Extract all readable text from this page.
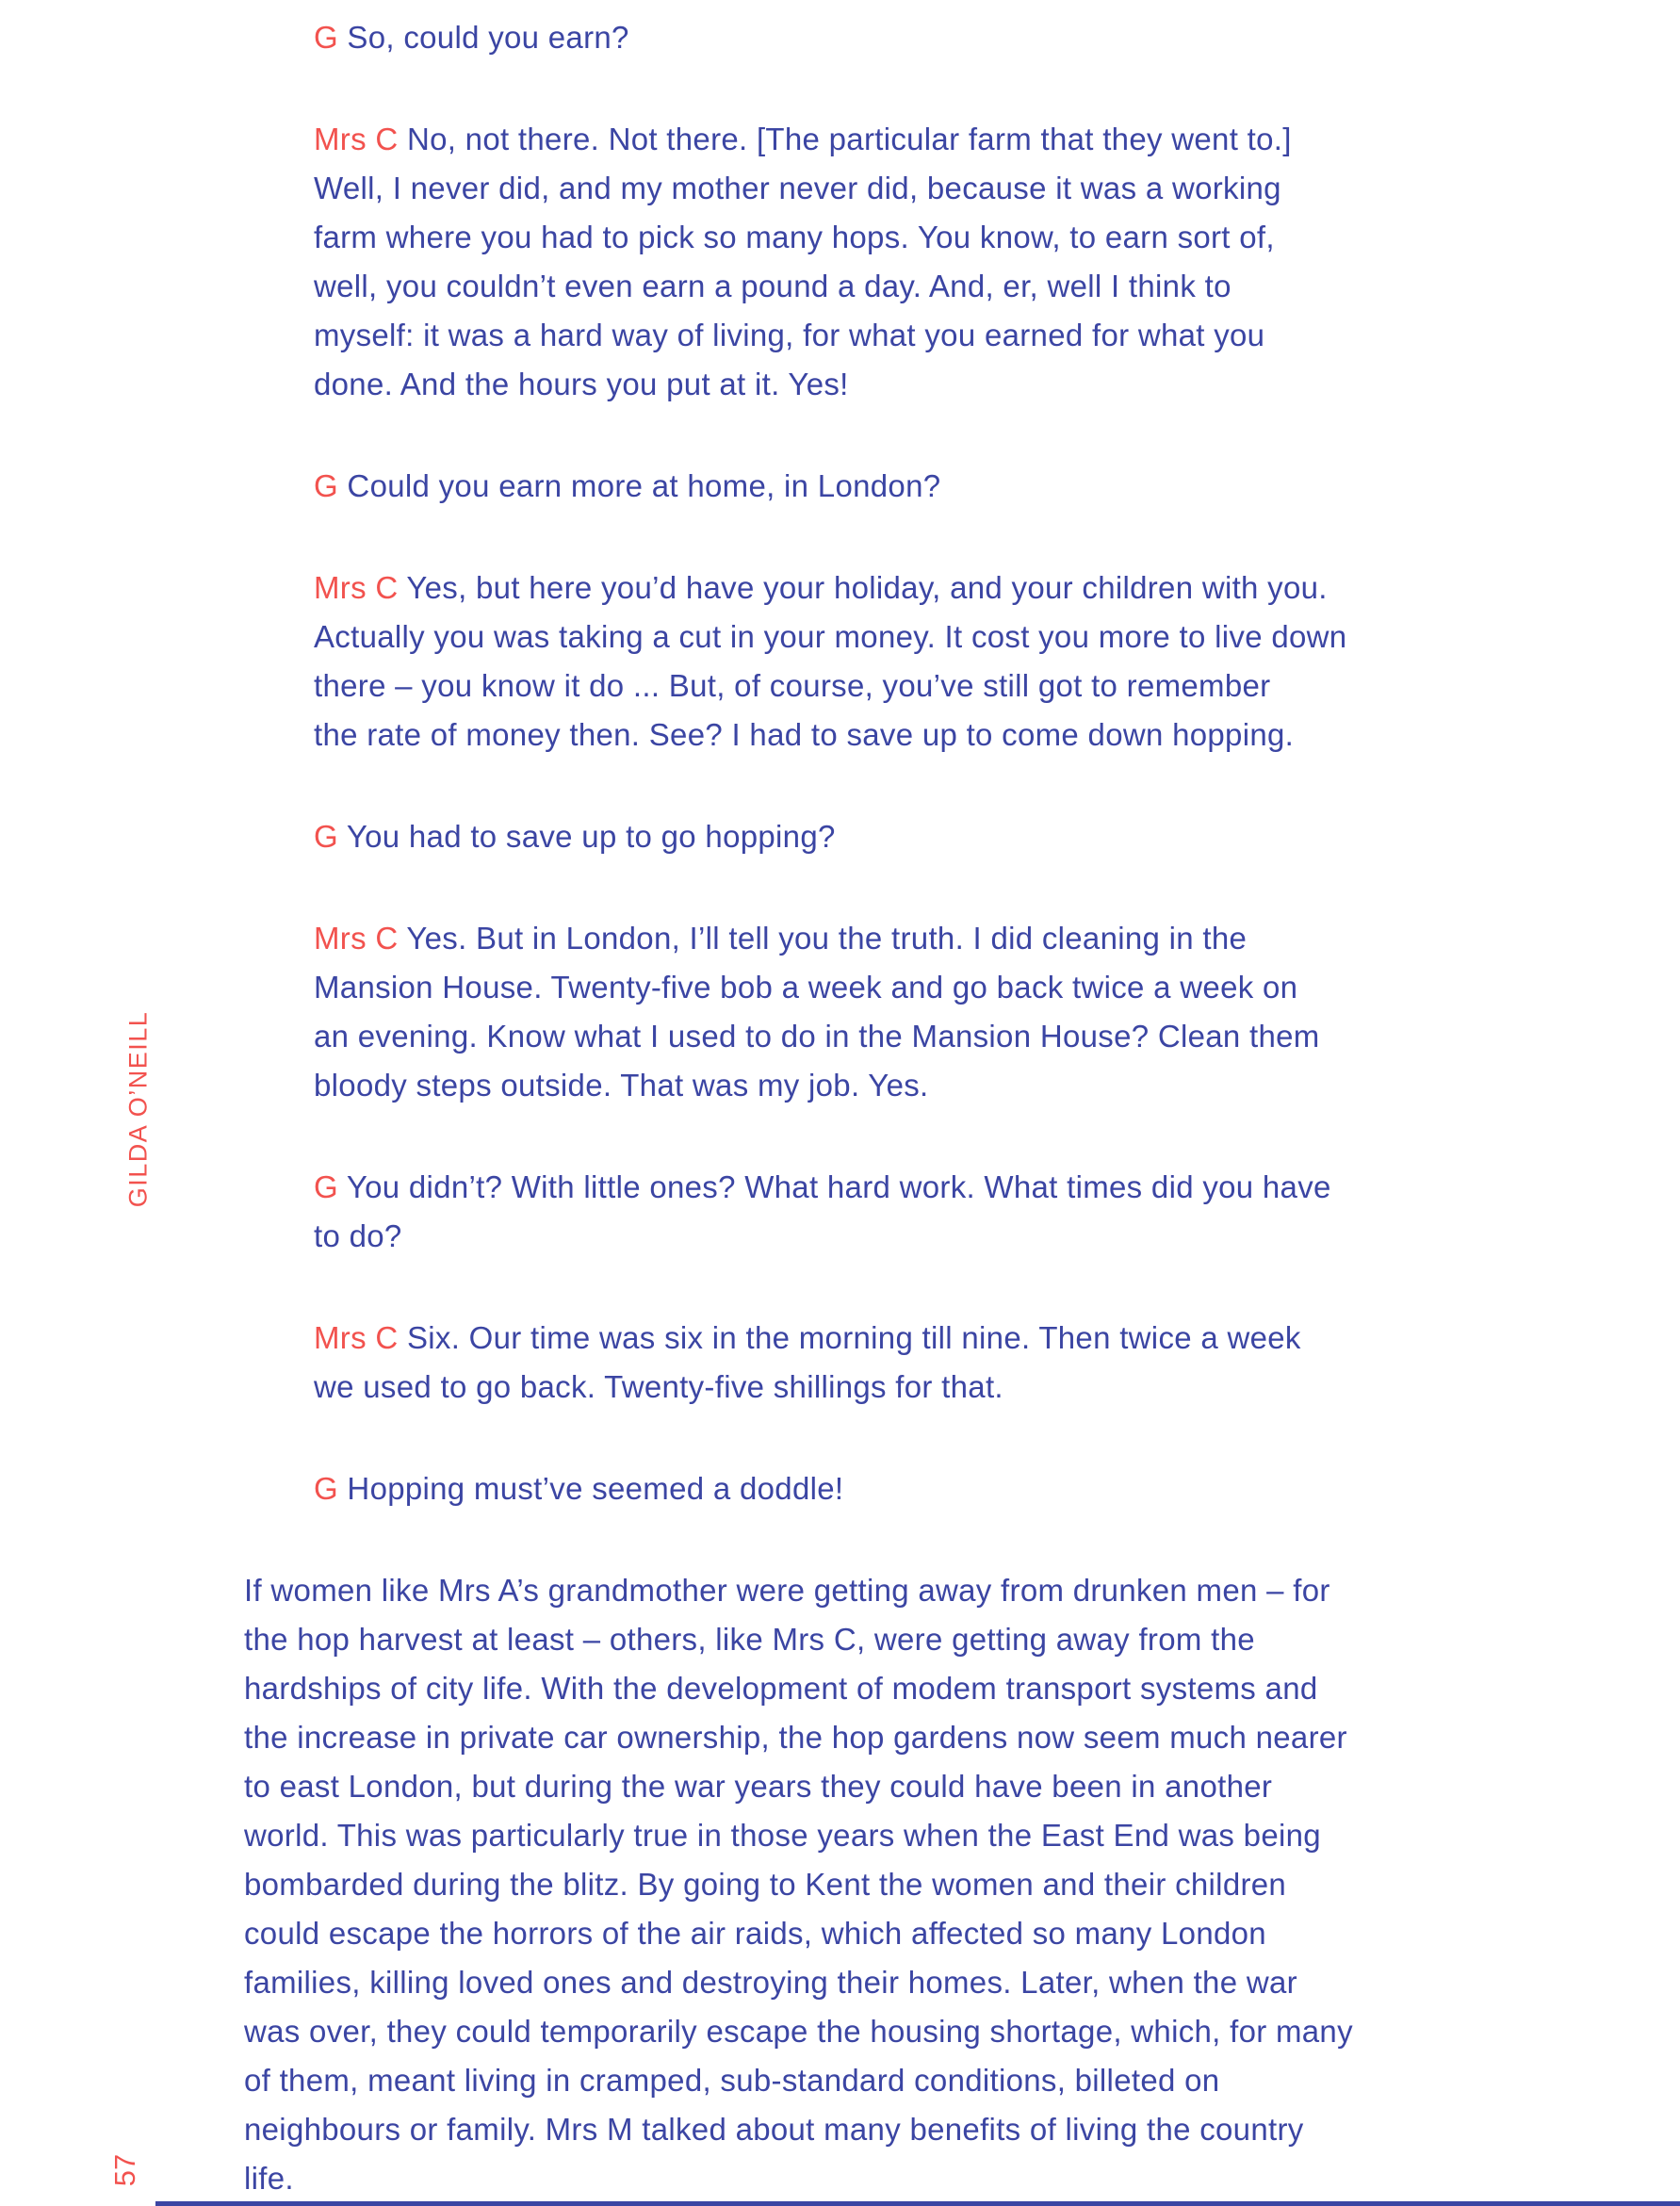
GILDA O’NEILL
57
G So, could you earn?
Mrs C No, not there. Not there. [The particular farm that they went to.]
Well, I never did, and my mother never did, because it was a working
farm where you had to pick so many hops. You know, to earn sort of,
well, you couldn’t even earn a pound a day. And, er, well I think to
myself: it was a hard way of living, for what you earned for what you
done. And the hours you put at it. Yes!
G Could you earn more at home, in London?
Mrs C Yes, but here you’d have your holiday, and your children with you.
Actually you was taking a cut in your money. It cost you more to live down
there – you know it do ... But, of course, you’ve still got to remember
the rate of money then. See? I had to save up to come down hopping.
G You had to save up to go hopping?
Mrs C Yes. But in London, I’ll tell you the truth. I did cleaning in the
Mansion House. Twenty-five bob a week and go back twice a week on
an evening. Know what I used to do in the Mansion House? Clean them
bloody steps outside. That was my job. Yes.
G You didn’t? With little ones? What hard work. What times did you have
to do?
Mrs C Six. Our time was six in the morning till nine. Then twice a week
we used to go back. Twenty-five shillings for that.
G Hopping must’ve seemed a doddle!

If women like Mrs A’s grandmother were getting away from drunken men – for
the hop harvest at least – others, like Mrs C, were getting away from the
hardships of city life. With the development of modem transport systems and
the increase in private car ownership, the hop gardens now seem much nearer
to east London, but during the war years they could have been in another
world. This was particularly true in those years when the East End was being
bombarded during the blitz. By going to Kent the women and their children
could escape the horrors of the air raids, which affected so many London
families, killing loved ones and destroying their homes. Later, when the war
was over, they could temporarily escape the housing shortage, which, for many
of them, meant living in cramped, sub-standard conditions, billeted on
neighbours or family. Mrs M talked about many benefits of living the country
life.
